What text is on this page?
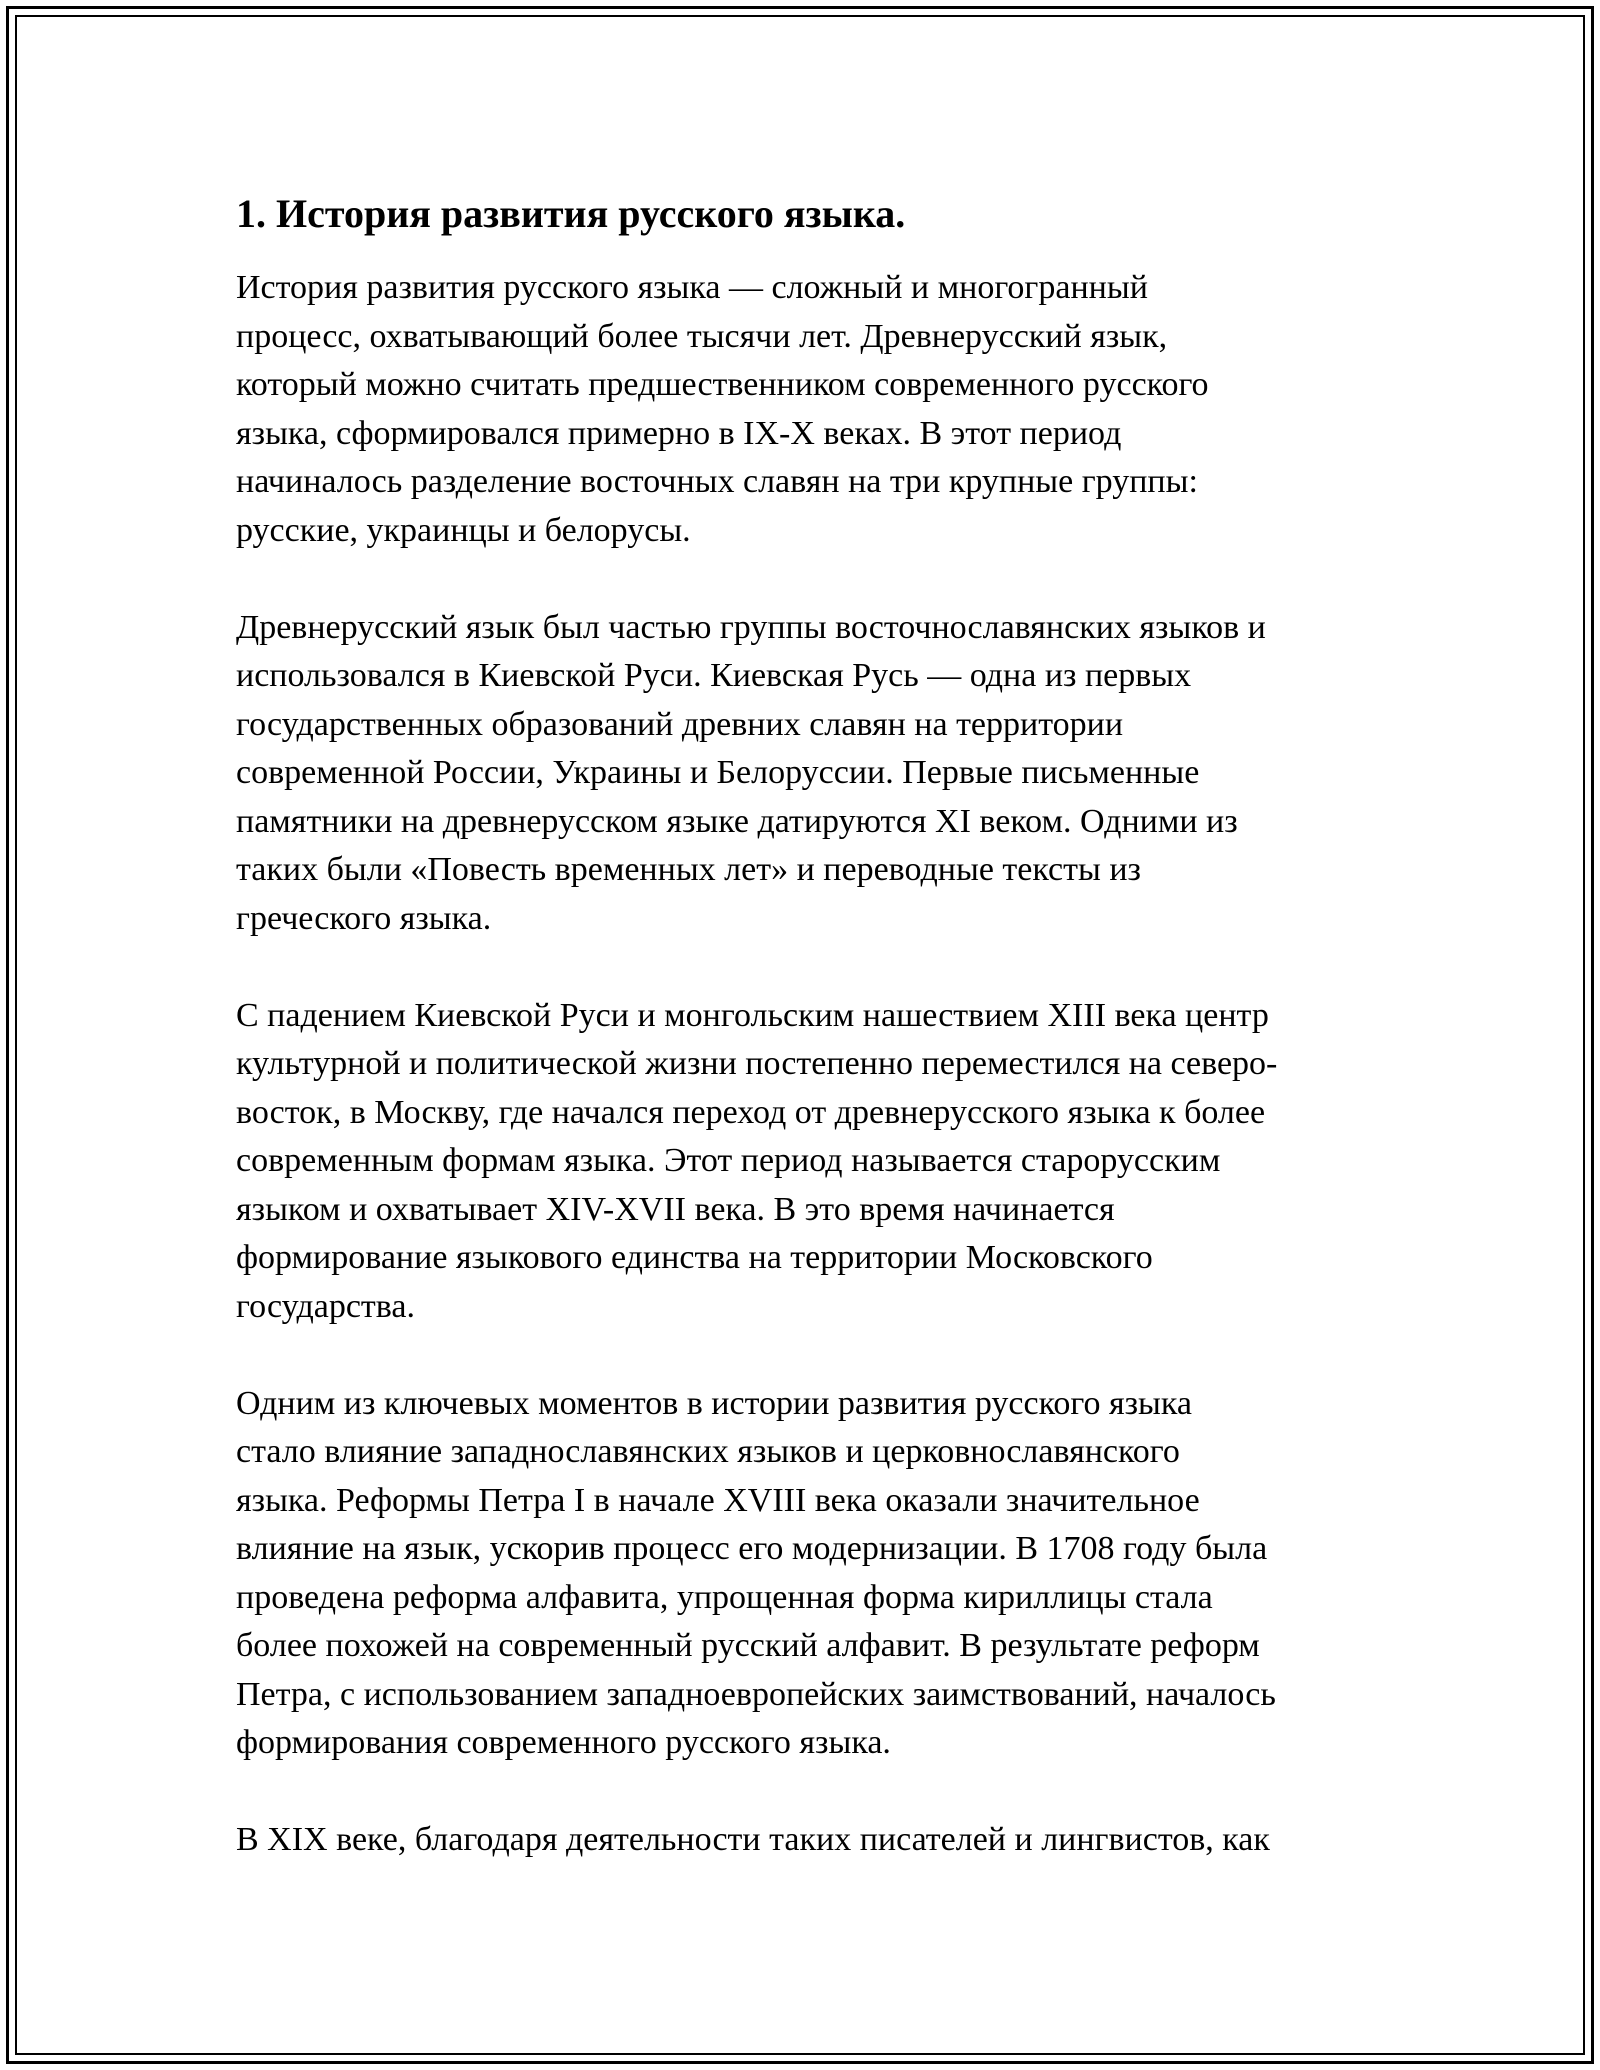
1. История развития русского языка.

История развития русского языка — сложный и многогранный
процесс, охватывающий более тысячи лет. Древнерусский язык,
который можно считать предшественником современного русского
языка, сформировался примерно в IX-X веках. В этот период
начиналось разделение восточных славян на три крупные группы:
русские, украинцы и белорусы.

Древнерусский язык был частью группы восточнославянских языков и
использовался в Киевской Руси. Киевская Русь — одна из первых
государственных образований древних славян на территории
современной России, Украины и Белоруссии. Первые письменные
памятники на древнерусском языке датируются XI веком. Одними из
таких были «Повесть временных лет» и переводные тексты из
греческого языка.

С падением Киевской Руси и монгольским нашествием XIII века центр
культурной и политической жизни постепенно переместился на северо-
восток, в Москву, где начался переход от древнерусского языка к более
современным формам языка. Этот период называется старорусским
языком и охватывает XIV-XVII века. В это время начинается
формирование языкового единства на территории Московского
государства.

Одним из ключевых моментов в истории развития русского языка
стало влияние западнославянских языков и церковнославянского
языка. Реформы Петра I в начале XVIII века оказали значительное
влияние на язык, ускорив процесс его модернизации. В 1708 году была
проведена реформа алфавита, упрощенная форма кириллицы стала
более похожей на современный русский алфавит. В результате реформ
Петра, с использованием западноевропейских заимствований, началось
формирования современного русского языка.

В XIX веке, благодаря деятельности таких писателей и лингвистов, как
